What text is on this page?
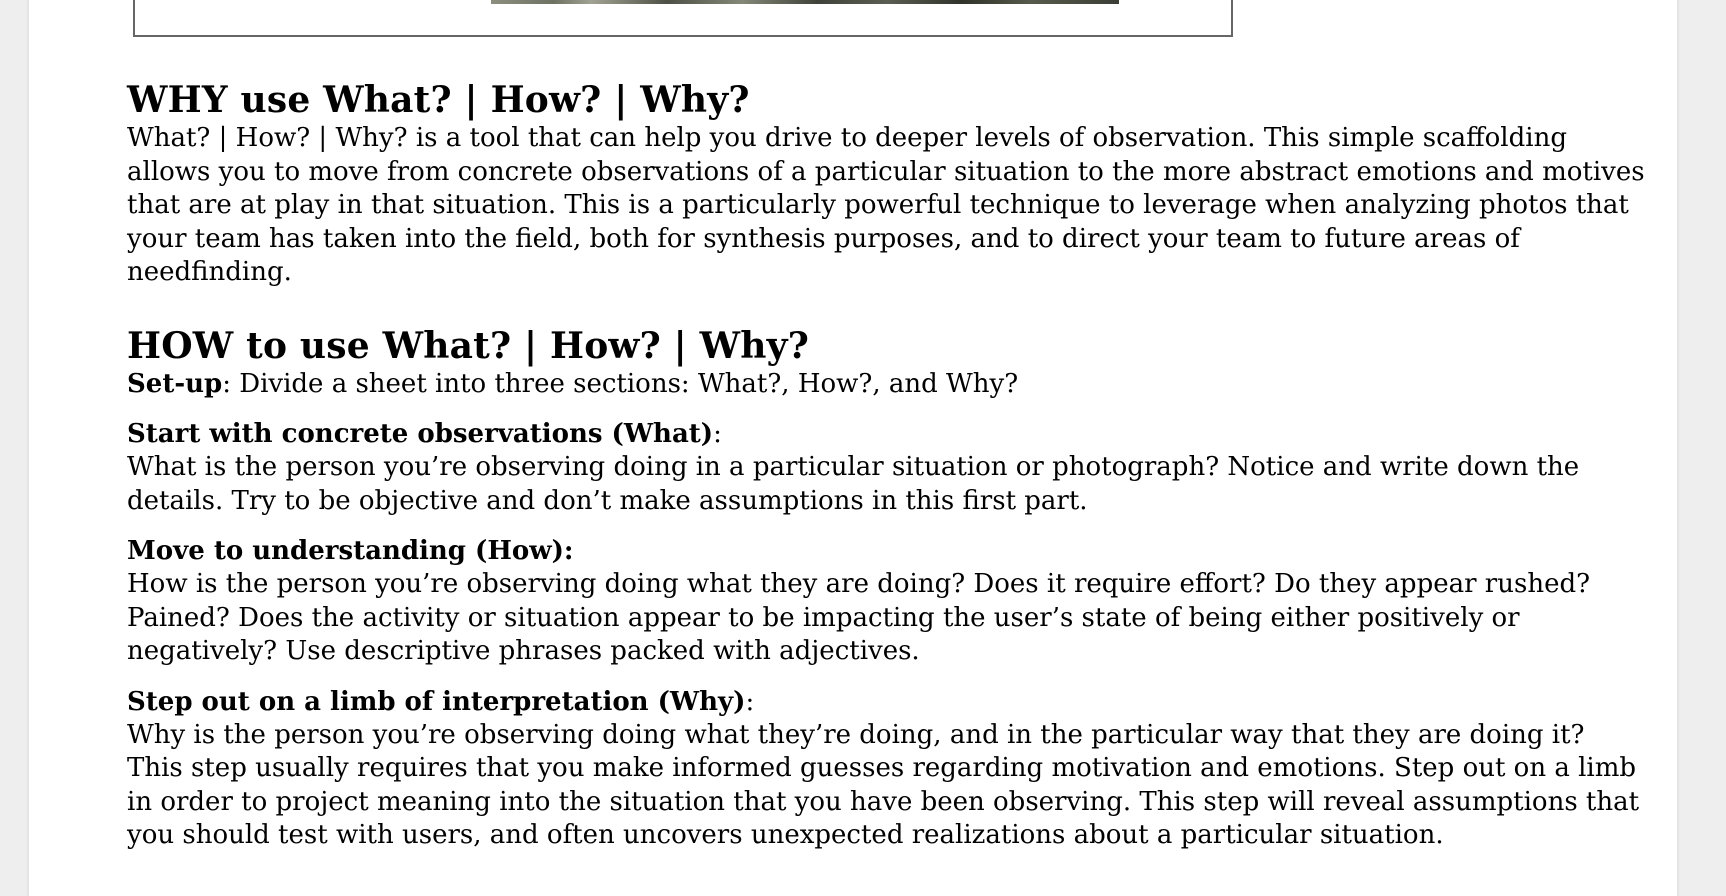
WHY use What? | How? | Why?

What? | How? | Why? is a tool that can help you drive to deeper levels of observation. This simple scaffolding allows you to move from concrete observations of a particular situation to the more abstract emotions and motives that are at play in that situation. This is a particularly powerful technique to leverage when analyzing photos that your team has taken into the field, both for synthesis purposes, and to direct your team to future areas of needfinding.

HOW to use What? | How? | Why?

Set-up: Divide a sheet into three sections: What?, How?, and Why?

Start with concrete observations (What):

What is the person you’re observing doing in a particular situation or photograph? Notice and write down the details. Try to be objective and don’t make assumptions in this first part.

Move to understanding (How):

How is the person you’re observing doing what they are doing? Does it require effort? Do they appear rushed? Pained? Does the activity or situation appear to be impacting the user’s state of being either positively or negatively? Use descriptive phrases packed with adjectives.

Step out on a limb of interpretation (Why):

Why is the person you’re observing doing what they’re doing, and in the particular way that they are doing it? This step usually requires that you make informed guesses regarding motivation and emotions. Step out on a limb in order to project meaning into the situation that you have been observing. This step will reveal assumptions that you should test with users, and often uncovers unexpected realizations about a particular situation.
